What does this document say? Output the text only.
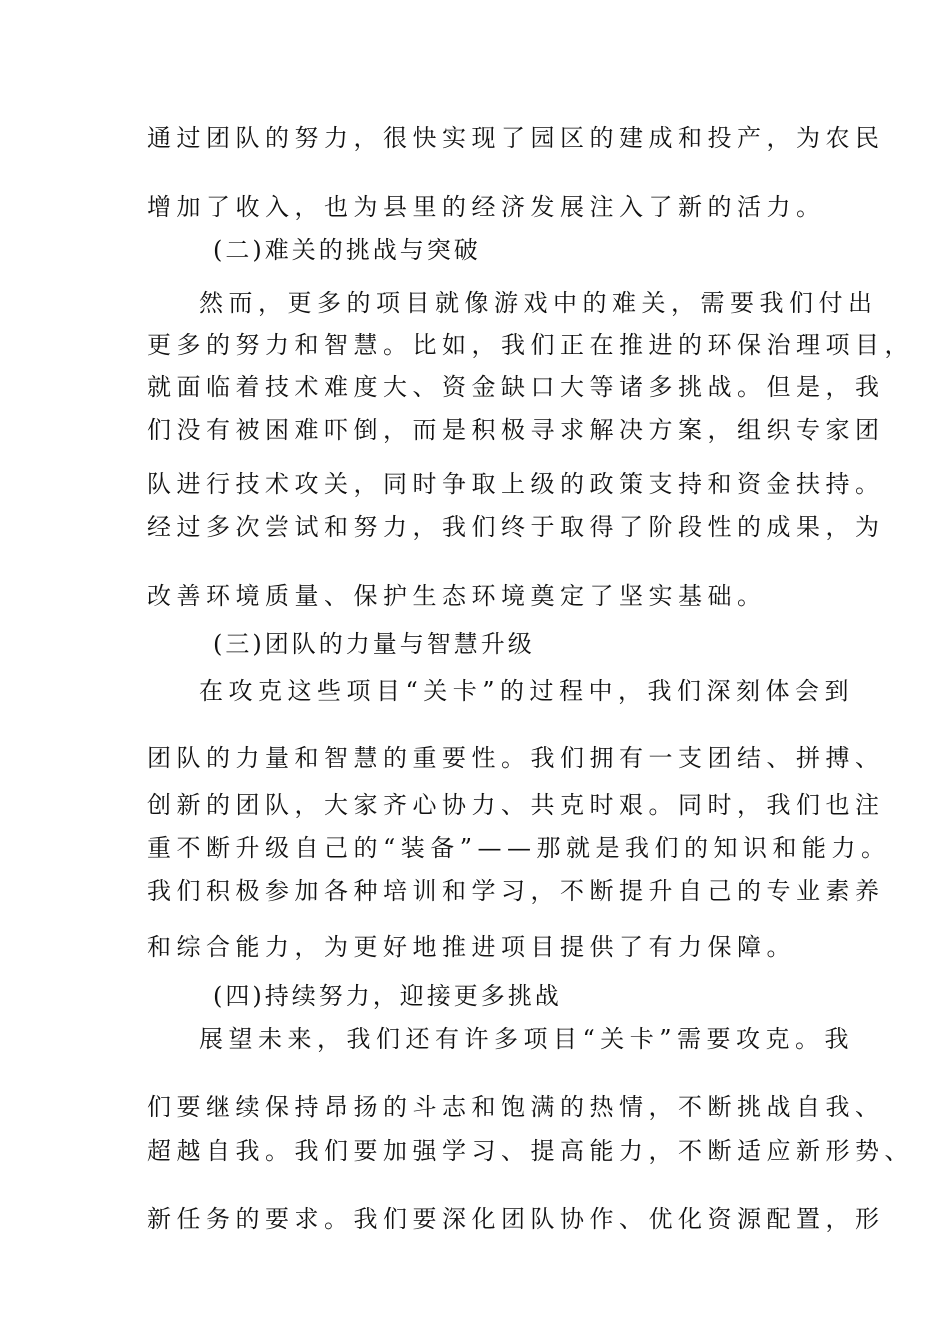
通过团队的努力，很快实现了园区的建成和投产，为农民

增加了收入，也为县里的经济发展注入了新的活力。

(二)难关的挑战与突破

然而，更多的项目就像游戏中的难关，需要我们付出

更多的努力和智慧。比如，我们正在推进的环保治理项目，

就面临着技术难度大、资金缺口大等诸多挑战。但是，我

们没有被困难吓倒，而是积极寻求解决方案，组织专家团

队进行技术攻关，同时争取上级的政策支持和资金扶持。

经过多次尝试和努力，我们终于取得了阶段性的成果，为

改善环境质量、保护生态环境奠定了坚实基础。

(三)团队的力量与智慧升级

在攻克这些项目“关卡”的过程中，我们深刻体会到

团队的力量和智慧的重要性。我们拥有一支团结、拼搏、

创新的团队，大家齐心协力、共克时艰。同时，我们也注

重不断升级自己的“装备”——那就是我们的知识和能力。

我们积极参加各种培训和学习，不断提升自己的专业素养

和综合能力，为更好地推进项目提供了有力保障。

(四)持续努力，迎接更多挑战

展望未来，我们还有许多项目“关卡”需要攻克。我

们要继续保持昂扬的斗志和饱满的热情，不断挑战自我、

超越自我。我们要加强学习、提高能力，不断适应新形势、

新任务的要求。我们要深化团队协作、优化资源配置，形
